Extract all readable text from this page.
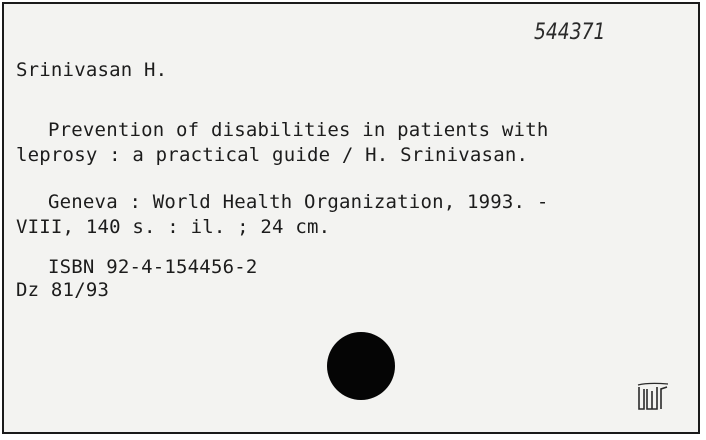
544371
Srinivasan H.
Prevention of disabilities in patients with
leprosy : a practical guide / H. Srinivasan.
Geneva : World Health Organization, 1993. -
VIII, 140 s. : il. ; 24 cm.
ISBN 92-4-154456-2
Dz 81/93
